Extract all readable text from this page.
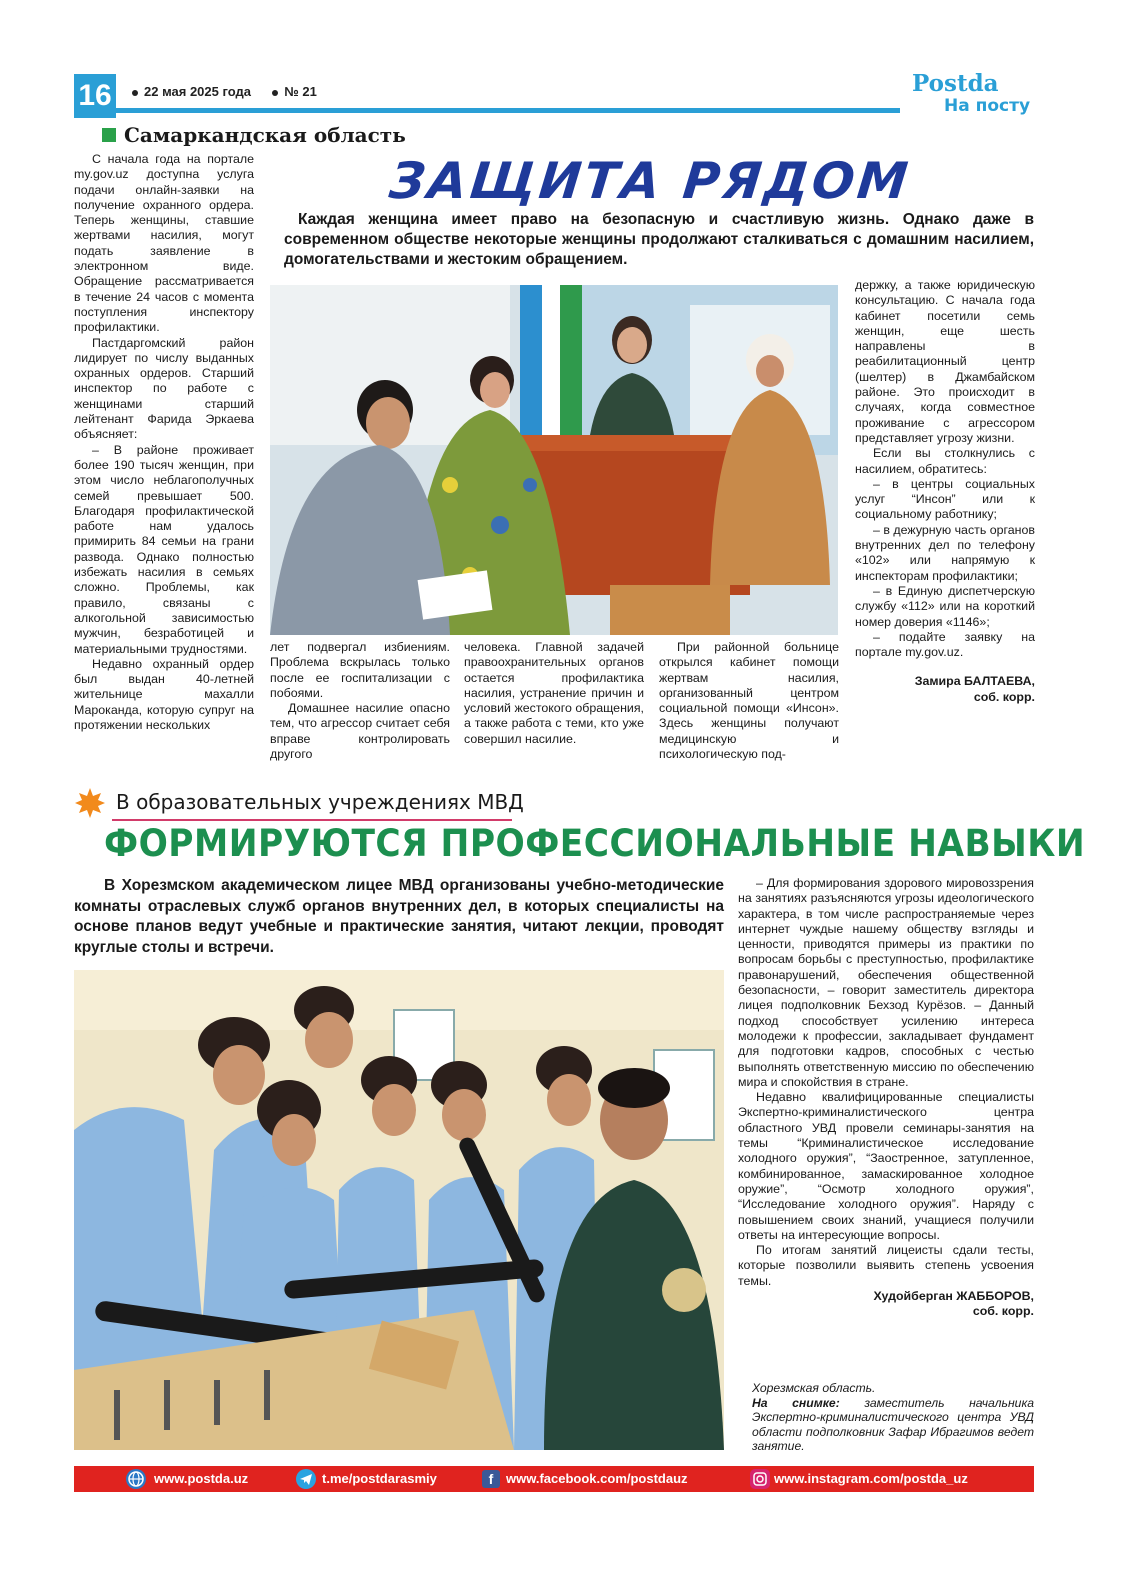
16	22 мая 2025 года	№ 21	Postda
На посту
Самаркандская область
ЗАЩИТА РЯДОМ
Каждая женщина имеет право на безопасную и счастливую жизнь. Однако даже в современном обществе некоторые женщины продолжают сталкиваться с домашним насилием, домогательствами и жестоким обращением.

С начала года на портале my.gov.uz доступна услуга подачи онлайн-заявки на получение охранного ордера. Теперь женщины, ставшие жертвами насилия, могут подать заявление в электронном виде. Обращение рассматривается в течение 24 часов с момента поступления инспектору профилактики.

Пастдаргомский район лидирует по числу выданных охранных ордеров. Старший инспектор по работе с женщинами старший лейтенант Фарида Эркаева объясняет:

– В районе проживает более 190 тысяч женщин, при этом число неблагополучных семей превышает 500. Благодаря профилактической работе нам удалось примирить 84 семьи на грани развода. Однако полностью избежать насилия в семьях сложно. Проблемы, как правило, связаны с алкогольной зависимостью мужчин, безработицей и материальными трудностями.

Недавно охранный ордер был выдан 40-летней жительнице махалли Мароканда, которую супруг на протяжении нескольких

лет подвергал избиениям. Проблема вскрылась только после ее госпитализации с побоями.

Домашнее насилие опасно тем, что агрессор считает себя вправе контролировать другого

человека. Главной задачей правоохранительных органов остается профилактика насилия, устранение причин и условий жестокого обращения, а также работа с теми, кто уже совершил насилие.

При районной больнице открылся кабинет помощи жертвам насилия, организованный центром социальной помощи «Инсон». Здесь женщины получают медицинскую и психологическую под-

держку, а также юридическую консультацию. С начала года кабинет посетили семь женщин, еще шесть направлены в реабилитационный центр (шелтер) в Джамбайском районе. Это происходит в случаях, когда совместное проживание с агрессором представляет угрозу жизни.

Если вы столкнулись с насилием, обратитесь:

– в центры социальных услуг “Инсон” или к социальному работнику;

– в дежурную часть органов внутренних дел по телефону «102» или напрямую к инспекторам профилактики;

– в Единую диспетчерскую службу «112» или на короткий номер доверия «1146»;

– подайте заявку на портале my.gov.uz.

Замира БАЛТАЕВА,
соб. корр.
В образовательных учреждениях МВД
ФОРМИРУЮТСЯ ПРОФЕССИОНАЛЬНЫЕ НАВЫКИ
В Хорезмском академическом лицее МВД организованы учебно-методические комнаты отраслевых служб органов внутренних дел, в которых специалисты на основе планов ведут учебные и практические занятия, читают лекции, проводят круглые столы и встречи.

– Для формирования здорового мировоззрения на занятиях разъясняются угрозы идеологического характера, в том числе распространяемые через интернет чуждые нашему обществу взгляды и ценности, приводятся примеры из практики по вопросам борьбы с преступностью, профилактике правонарушений, обеспечения общественной безопасности, – говорит заместитель директора лицея подполковник Бехзод Курёзов. – Данный подход способствует усилению интереса молодежи к профессии, закладывает фундамент для подготовки кадров, способных с честью выполнять ответственную миссию по обеспечению мира и спокойствия в стране.

Недавно квалифицированные специалисты Экспертно-криминалистического центра областного УВД провели семинары-занятия на темы “Криминалистическое исследование холодного оружия”, “Заостренное, затупленное, комбинированное, замаскированное холодное оружие”, “Осмотр холодного оружия”, “Исследование холодного оружия”. Наряду с повышением своих знаний, учащиеся получили ответы на интересующие вопросы.

По итогам занятий лицеисты сдали тесты, которые позволили выявить степень усвоения темы.

Худойберган ЖАББОРОВ,
соб. корр.
Хорезмская область.
На снимке: заместитель начальника Экспертно-криминалистического центра УВД области подполковник Зафар Ибрагимов ведет занятие.
www.postda.uz	t.me/postdarasmiy	f www.facebook.com/postdauz	www.instagram.com/postda_uz
